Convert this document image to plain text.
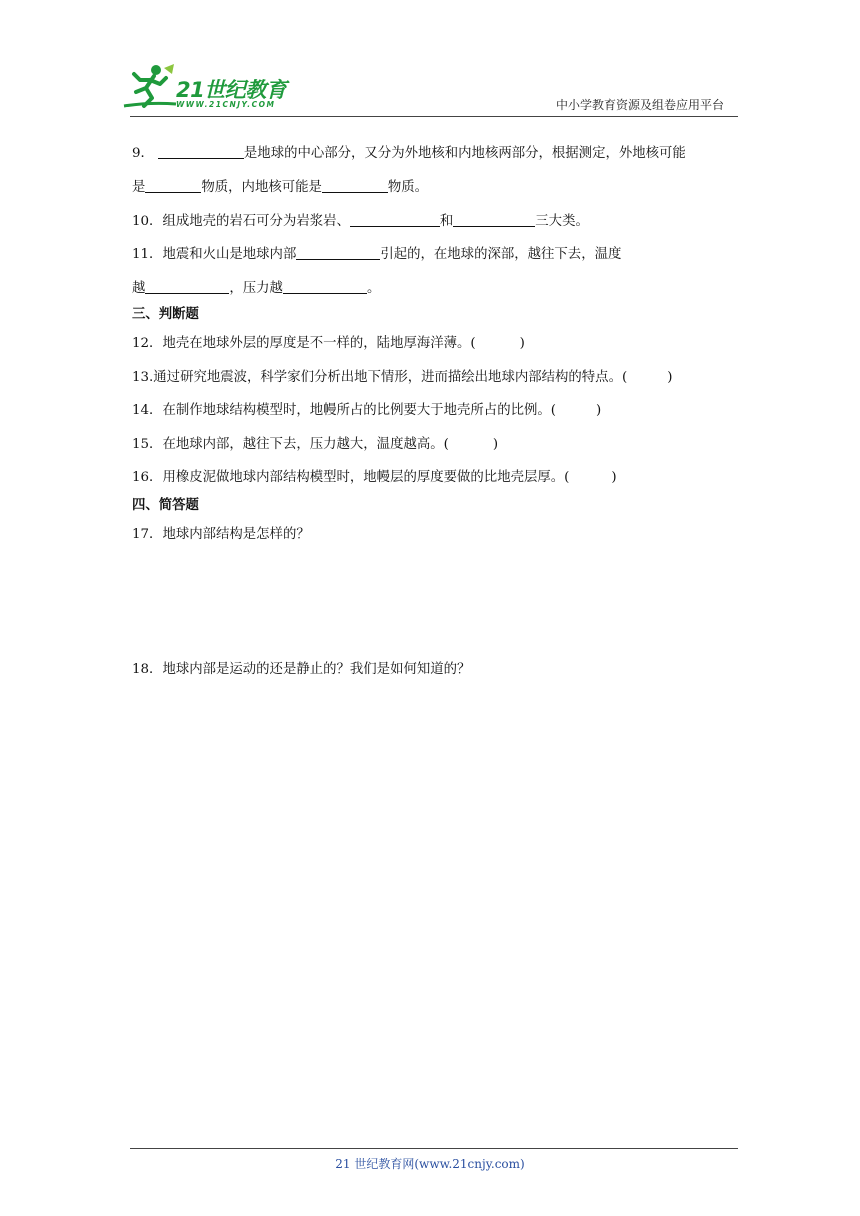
21世纪教育
WWW.21CNJY.COM	中小学教育资源及组卷应用平台
9．	是地球的中心部分，又分为外地核和内地核两部分，根据测定，外地核可能
是	物质，内地核可能是	物质。
10．组成地壳的岩石可分为岩浆岩、	和	三大类。
11．地震和火山是地球内部	引起的，在地球的深部，越往下去，温度
越	，压力越	。
三、判断题
12．地壳在地球外层的厚度是不一样的，陆地厚海洋薄。(	)
13.通过研究地震波，科学家们分析出地下情形，进而描绘出地球内部结构的特点。(	)
14．在制作地球结构模型时，地幔所占的比例要大于地壳所占的比例。(	)
15．在地球内部，越往下去，压力越大，温度越高。(	)
16．用橡皮泥做地球内部结构模型时，地幔层的厚度要做的比地壳层厚。(	)
四、简答题
17．地球内部结构是怎样的？
18．地球内部是运动的还是静止的？我们是如何知道的？
21 世纪教育网(www.21cnjy.com)
